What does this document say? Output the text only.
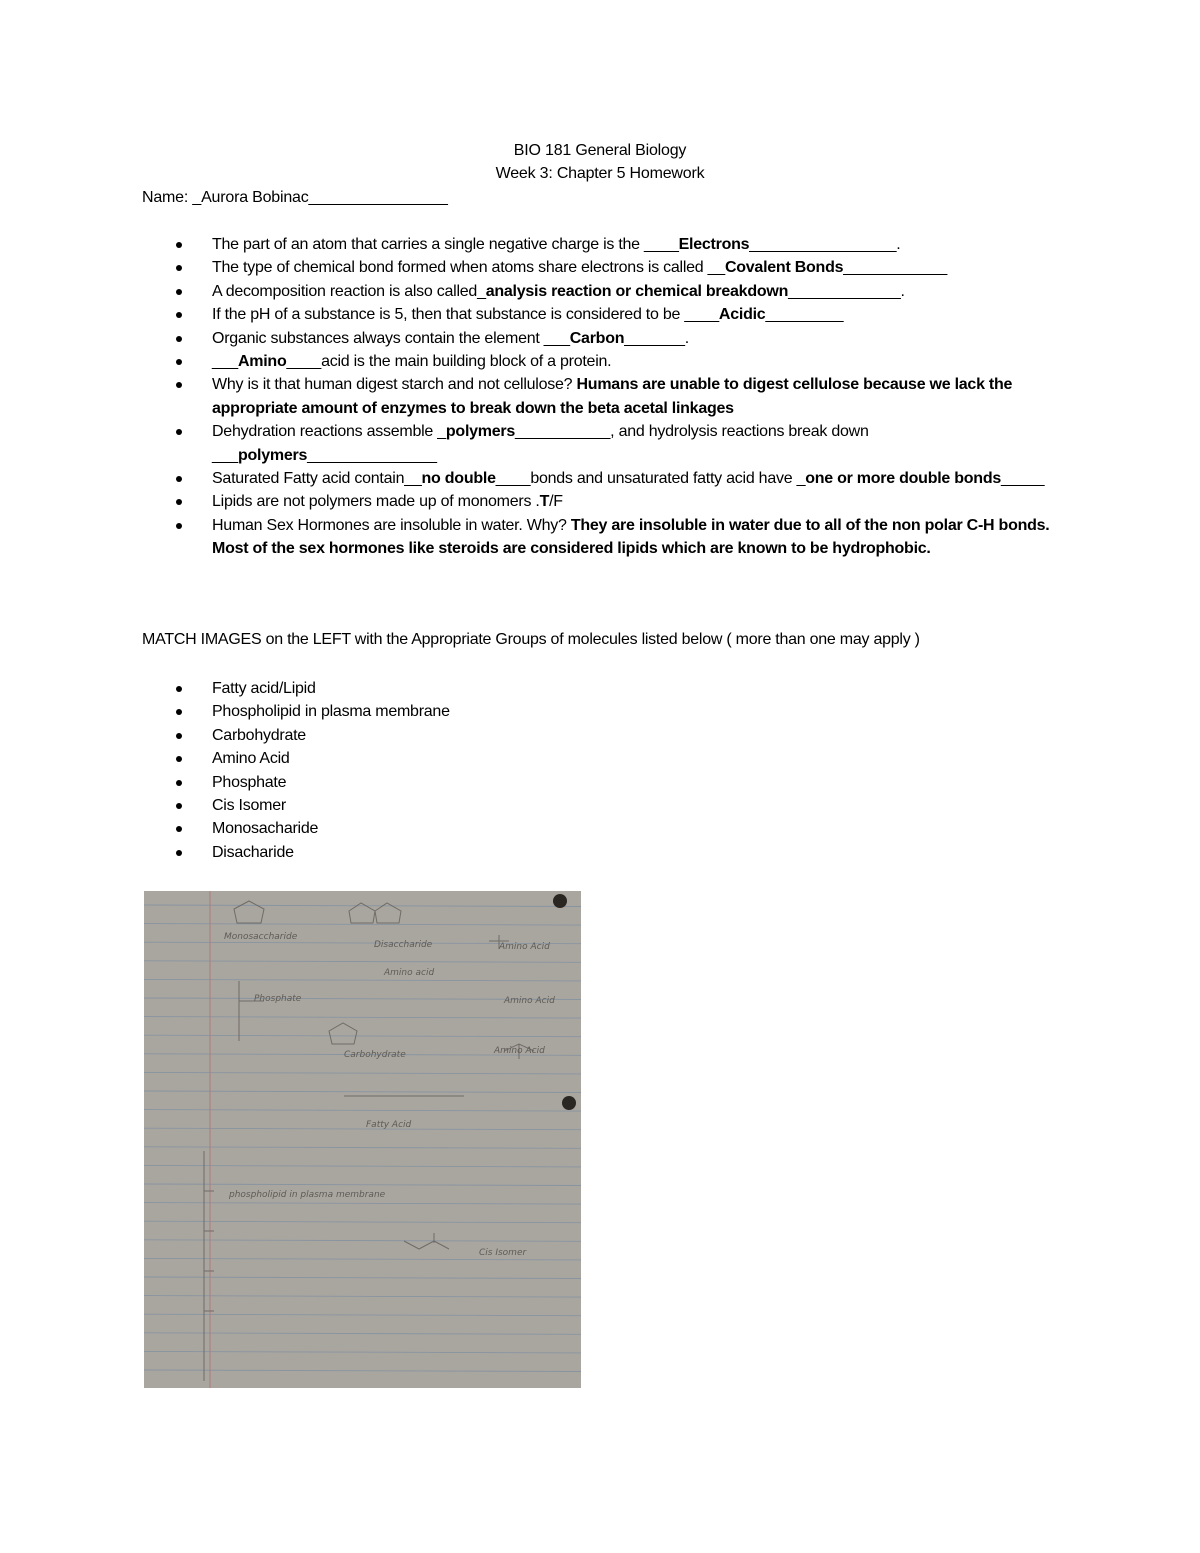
BIO 181 General Biology
Week 3: Chapter 5 Homework
Name: _Aurora Bobinac________________
The part of an atom that carries a single negative charge is the ____Electrons_________________.
The type of chemical bond formed when atoms share electrons is called __Covalent Bonds____________
A decomposition reaction is also called_analysis reaction or chemical breakdown_____________.
If the pH of a substance is 5, then that substance is considered to be ____Acidic_________
Organic substances always contain the element ___Carbon_______.
___Amino____acid is the main building block of a protein.
Why is it that human digest starch and not cellulose? Humans are unable to digest cellulose because we lack the appropriate amount of enzymes to break down the beta acetal linkages
Dehydration reactions assemble _polymers___________, and hydrolysis reactions break down ___polymers_______________
Saturated Fatty acid contain__no double____bonds and unsaturated fatty acid have _one or more double bonds_____
Lipids are not polymers made up of monomers .T/F
Human Sex Hormones are insoluble in water. Why? They are insoluble in water due to all of the non polar C-H bonds. Most of the sex hormones like steroids are considered lipids which are known to be hydrophobic.
MATCH IMAGES on the LEFT with the Appropriate Groups of molecules listed below ( more than one may apply )
Fatty acid/Lipid
Phospholipid in plasma membrane
Carbohydrate
Amino Acid
Phosphate
Cis Isomer
Monosacharide
Disacharide
Monosaccharide
Disaccharide
Amino acid
Amino Acid
Amino Acid
Amino Acid
Phosphate
Carbohydrate
Fatty Acid
phospholipid in plasma membrane
Cis Isomer
